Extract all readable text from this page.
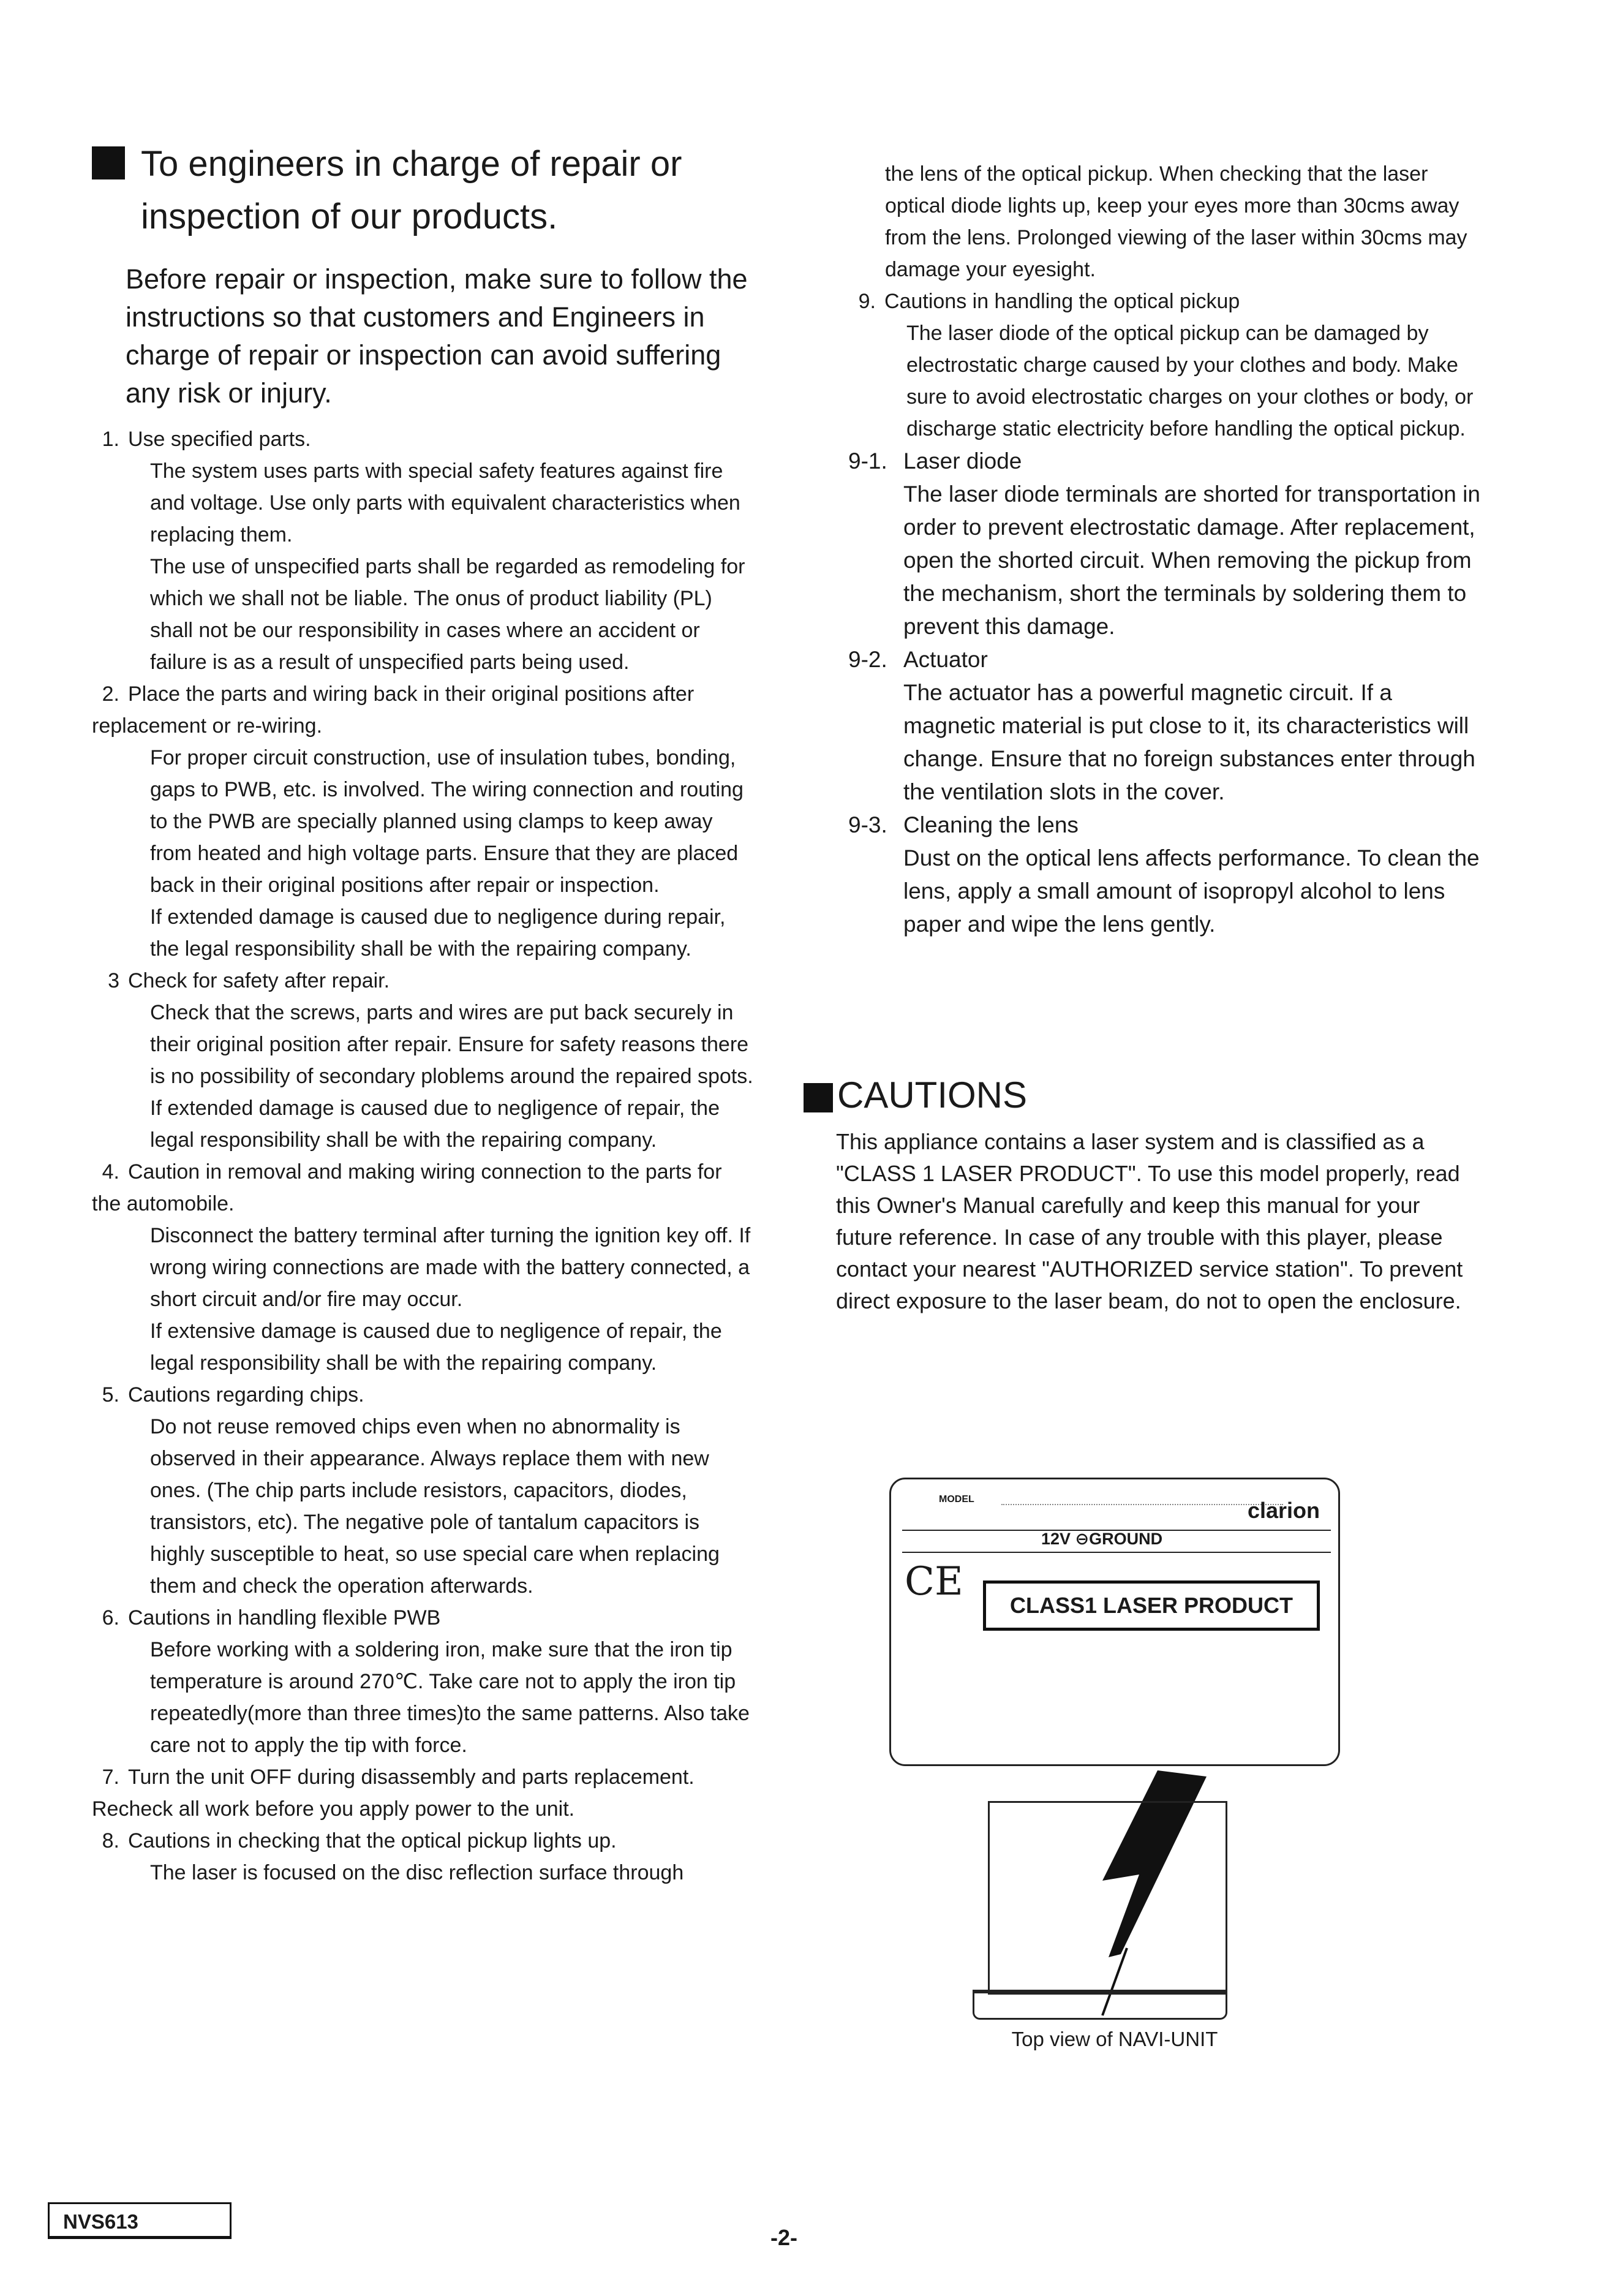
To engineers in charge of repair or inspection of our products.

Before repair or inspection, make sure to follow the instructions so that customers and Engineers in charge of repair or inspection can avoid suffering any risk or injury.

1. Use specified parts.

The system uses parts with special safety features against fire and voltage. Use only parts with equivalent characteristics when replacing them.

The use of unspecified parts shall be regarded as remodeling for which we shall not be liable. The onus of product liability (PL) shall not be our responsibility in cases where an accident or failure is as a result of unspecified parts being used.

2. Place the parts and wiring back in their original positions after replacement or re-wiring.

For proper circuit construction, use of insulation tubes, bonding, gaps to PWB, etc. is involved. The wiring connection and routing to the PWB are specially planned using clamps to keep away from heated and high voltage parts. Ensure that they are placed back in their original positions after repair or inspection.

If extended damage is caused due to negligence during repair, the legal responsibility shall be with the repairing company.

3 Check for safety after repair.

Check that the screws, parts and wires are put back securely in their original position after repair. Ensure for safety reasons there is no possibility of secondary ploblems around the repaired spots.

If extended damage is caused due to negligence of repair, the legal responsibility shall be with the repairing company.

4. Caution in removal and making wiring connection to the parts for the automobile.

Disconnect the battery terminal after turning the ignition key off. If wrong wiring connections are made with the battery connected, a short circuit and/or fire may occur.

If extensive damage is caused due to negligence of repair, the legal responsibility shall be with the repairing company.

5. Cautions regarding chips.

Do not reuse removed chips even when no abnormality is observed in their appearance. Always replace them with new ones. (The chip parts include resistors, capacitors, diodes, transistors, etc). The negative pole of tantalum capacitors is highly susceptible to heat, so use special care when replacing them and check the operation afterwards.

6. Cautions in handling flexible PWB

Before working with a soldering iron, make sure that the iron tip temperature is around 270℃. Take care not to apply the iron tip repeatedly(more than three times)to the same patterns. Also take care not to apply the tip with force.

7. Turn the unit OFF during disassembly and parts replacement. Recheck all work before you apply power to the unit.
8. Cautions in checking that the optical pickup lights up.

The laser is focused on the disc reflection surface through

the lens of the optical pickup. When checking that the laser optical diode lights up, keep your eyes more than 30cms away from the lens. Prolonged viewing of the laser within 30cms may damage your eyesight.

9. Cautions in handling the optical pickup

The laser diode of the optical pickup can be damaged by electrostatic charge caused by your clothes and body. Make sure to avoid electrostatic charges on your clothes or body, or discharge static electricity before handling the optical pickup.

9-1. Laser diode

The laser diode terminals are shorted for transportation in order to prevent electrostatic damage. After replacement, open the shorted circuit. When removing the pickup from the mechanism, short the terminals by soldering them to prevent this damage.

9-2. Actuator

The actuator has a powerful magnetic circuit. If a magnetic material is put close to it, its characteristics will change. Ensure that no foreign substances enter through the ventilation slots in the cover.

9-3. Cleaning the lens

Dust on the optical lens affects performance. To clean the lens, apply a small amount of isopropyl alcohol to lens paper and wipe the lens gently.

CAUTIONS

This appliance contains a laser system and is classified as a "CLASS 1 LASER PRODUCT". To use this model properly, read this Owner's Manual carefully and keep this manual for your future reference. In case of any trouble with this player, please contact your nearest "AUTHORIZED service station". To prevent direct exposure to the laser beam, do not to open the enclosure.

MODEL	clarion
12V ⊖GROUND
CE
CLASS1 LASER PRODUCT
Top view of NAVI-UNIT
NVS613
-2-
